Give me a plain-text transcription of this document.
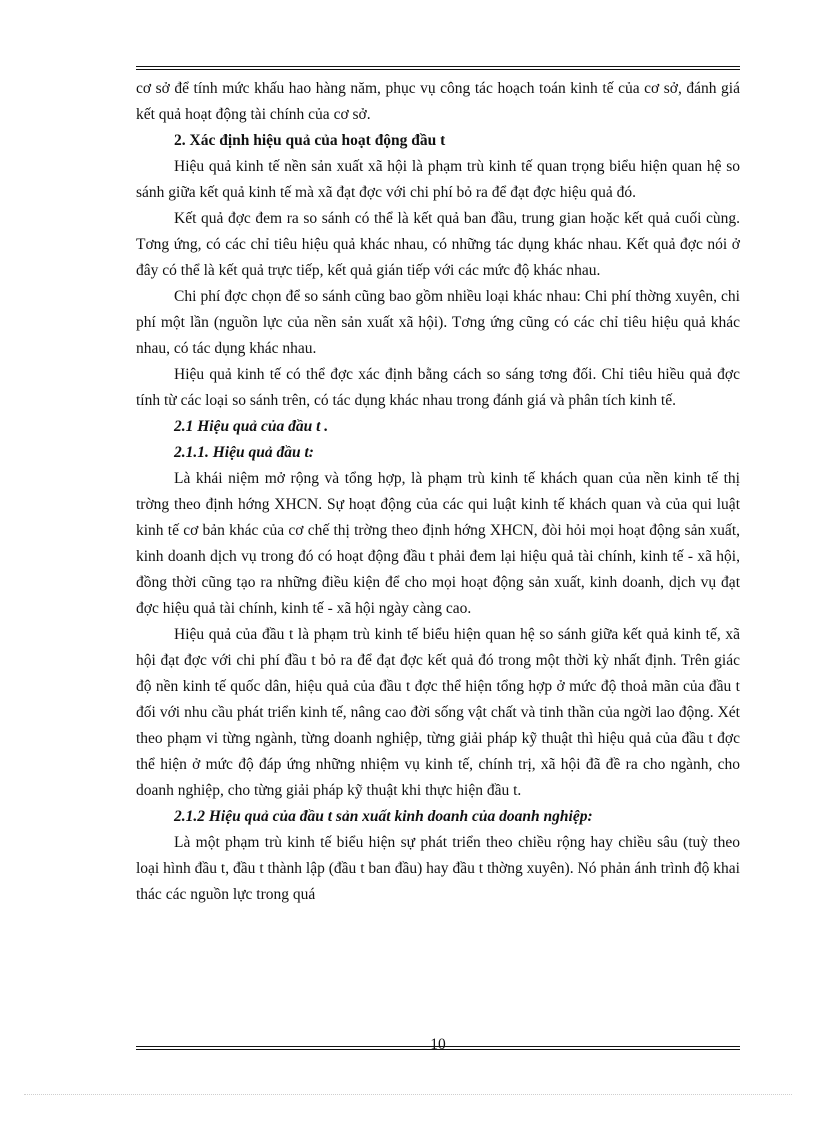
cơ sở để tính mức khấu hao hàng năm, phục vụ công tác hoạch toán kinh tế của cơ sở, đánh giá kết quả hoạt động tài chính của cơ sở.

2. Xác định hiệu quả của hoạt động đầu t

Hiệu quả kinh tế nền sản xuất xã hội là phạm trù kinh tế quan trọng biểu hiện quan hệ so sánh giữa kết quả kinh tế mà xã đạt đợc với chi phí bỏ ra để đạt đợc hiệu quả đó.

Kết quả đợc đem ra so sánh có thể là kết quả ban đầu, trung gian hoặc kết quả cuối cùng. Tơng ứng, có các chỉ tiêu hiệu quả khác nhau, có những tác dụng khác nhau. Kết quả đợc nói ở đây có thể là kết quả trực tiếp, kết quả gián tiếp với các mức độ khác nhau.

Chi phí đợc chọn để so sánh cũng bao gồm nhiều loại khác nhau: Chi phí thờng xuyên, chi phí một lần (nguồn lực của nền sản xuất xã hội). Tơng ứng cũng có các chỉ tiêu hiệu quả khác nhau, có tác dụng khác nhau.

Hiệu quả kinh tế có thể đợc xác định bằng cách so sáng tơng đối. Chỉ tiêu hiều quả đợc tính từ các loại so sánh trên, có tác dụng khác nhau trong đánh giá và phân tích kinh tế.

2.1 Hiệu quả của đầu t .
2.1.1. Hiệu quả đầu t:

Là khái niệm mở rộng và tổng hợp, là phạm trù kinh tế khách quan của nền kinh tế thị trờng theo định hớng XHCN. Sự hoạt động của các qui luật kinh tế khách quan và của qui luật kinh tế cơ bản khác của cơ chế thị trờng theo định hớng XHCN, đòi hỏi mọi hoạt động sản xuất, kinh doanh dịch vụ trong đó có hoạt động đầu t phải đem lại hiệu quả tài chính, kinh tế - xã hội, đồng thời cũng tạo ra những điều kiện để cho mọi hoạt động sản xuất, kinh doanh, dịch vụ đạt đợc hiệu quả tài chính, kinh tế - xã hội ngày càng cao.

Hiệu quả của đầu t là phạm trù kinh tế biểu hiện quan hệ so sánh giữa kết quả kinh tế, xã hội đạt đợc với chi phí đầu t bỏ ra để đạt đợc kết quả đó trong một thời kỳ nhất định. Trên giác độ nền kinh tế quốc dân, hiệu quả của đầu t đợc thể hiện tổng hợp ở mức độ thoả mãn của đầu t đối với nhu cầu phát triển kinh tế, nâng cao đời sống vật chất và tinh thần của ngời lao động. Xét theo phạm vi từng ngành, từng doanh nghiệp, từng giải pháp kỹ thuật thì hiệu quả của đầu t đợc thể hiện ở mức độ đáp ứng những nhiệm vụ kinh tế, chính trị, xã hội đã đề ra cho ngành, cho doanh nghiệp, cho từng giải pháp kỹ thuật khi thực hiện đầu t.

2.1.2 Hiệu quả của đầu t sản xuất kinh doanh của doanh nghiệp:

Là một phạm trù kinh tế biểu hiện sự phát triển theo chiều rộng hay chiều sâu (tuỳ theo loại hình đầu t, đầu t thành lập (đầu t ban đầu) hay đầu t thờng xuyên). Nó phản ánh trình độ khai thác các nguồn lực trong quá

10
